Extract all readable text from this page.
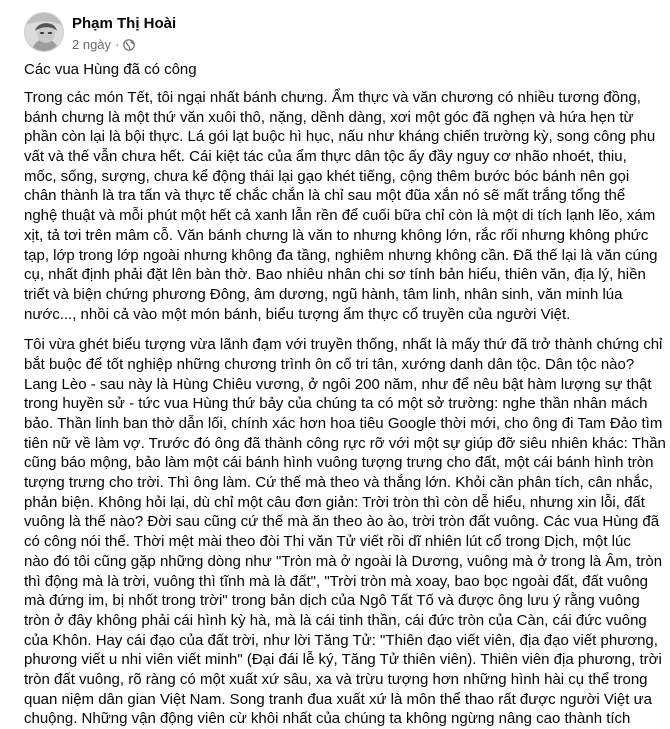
Phạm Thị Hoài
2 ngày ·
Các vua Hùng đã có công
Trong các món Tết, tôi ngại nhất bánh chưng. Ẩm thực và văn chương có nhiều tương đồng,
bánh chưng là một thứ văn xuôi thô, nặng, dềnh dàng, xơi một góc đã nghẹn và hứa hẹn từ
phần còn lại là bội thực. Lá gói lạt buộc hì hục, nấu như kháng chiến trường kỳ, song công phu
vất và thế vẫn chưa hết. Cái kiệt tác của ẩm thực dân tộc ấy đầy nguy cơ nhão nhoét, thiu,
mốc, sống, sượng, chưa kể động thái lại gạo khét tiếng, cộng thêm bước bóc bánh nên gọi
chân thành là tra tấn và thực tế chắc chắn là chỉ sau một đũa xắn nó sẽ mất trắng tổng thể
nghệ thuật và mỗi phút một hết cả xanh lẫn rền để cuối bữa chỉ còn là một di tích lạnh lẽo, xám
xịt, tả tơi trên mâm cỗ. Văn bánh chưng là văn to nhưng không lớn, rắc rối nhưng không phức
tạp, lớp trong lớp ngoài nhưng không đa tầng, nghiêm nhưng không cần. Đã thế lại là văn cúng
cụ, nhất định phải đặt lên bàn thờ. Bao nhiêu nhân chi sơ tính bản hiểu, thiên văn, địa lý, hiền
triết và biện chứng phương Đông, âm dương, ngũ hành, tâm linh, nhân sinh, văn minh lúa
nước..., nhồi cả vào một món bánh, biểu tượng ẩm thực cổ truyền của người Việt.
Tôi vừa ghét biểu tượng vừa lãnh đạm với truyền thống, nhất là mấy thứ đã trở thành chứng chỉ
bắt buộc để tốt nghiệp những chương trình ôn cố tri tân, xướng danh dân tộc. Dân tộc nào?
Lang Lèo - sau này là Hùng Chiêu vương, ở ngôi 200 năm, như để nêu bật hàm lượng sự thật
trong huyền sử - tức vua Hùng thứ bảy của chúng ta có một sở trường: nghe thần nhân mách
bảo. Thần linh ban thờ dẫn lối, chính xác hơn hoa tiêu Google thời mới, cho ông đi Tam Đảo tìm
tiên nữ về làm vợ. Trước đó ông đã thành công rực rỡ với một sự giúp đỡ siêu nhiên khác: Thần
cũng báo mộng, bảo làm một cái bánh hình vuông tượng trưng cho đất, một cái bánh hình tròn
tượng trưng cho trời. Thì ông làm. Cứ thế mà theo và thắng lớn. Khỏi cần phân tích, cân nhắc,
phản biện. Không hỏi lại, dù chỉ một câu đơn giản: Trời tròn thì còn dễ hiểu, nhưng xin lỗi, đất
vuông là thế nào? Đời sau cũng cứ thế mà ăn theo ào ào, trời tròn đất vuông. Các vua Hùng đã
có công nói thế. Thời mệt mài theo đòi Thi văn Tử viết rồi dĩ nhiên lút cổ trong Dịch, một lúc
nào đó tôi cũng gặp những dòng như "Tròn mà ở ngoài là Dương, vuông mà ở trong là Âm, tròn
thì động mà là trời, vuông thì tĩnh mà là đất", "Trời tròn mà xoay, bao bọc ngoài đất, đất vuông
mà đứng im, bị nhốt trong trời" trong bản dịch của Ngô Tất Tố và được ông lưu ý rằng vuông
tròn ở đây không phải cái hình kỳ hà, mà là cái tinh thần, cái đức tròn của Càn, cái đức vuông
của Khôn. Hay cái đạo của đất trời, như lời Tăng Tử: "Thiên đạo viết viên, địa đạo viết phương,
phương viết u nhi viên viết minh" (Đại đái lễ ký, Tăng Tử thiên viên). Thiên viên địa phương, trời
tròn đất vuông, rõ ràng có một xuất xứ sâu, xa và trừu tượng hơn những hình hài cụ thể trong
quan niệm dân gian Việt Nam. Song tranh đua xuất xứ là môn thể thao rất được người Việt ưa
chuộng. Những vận động viên cừ khôi nhất của chúng ta không ngừng nâng cao thành tích
